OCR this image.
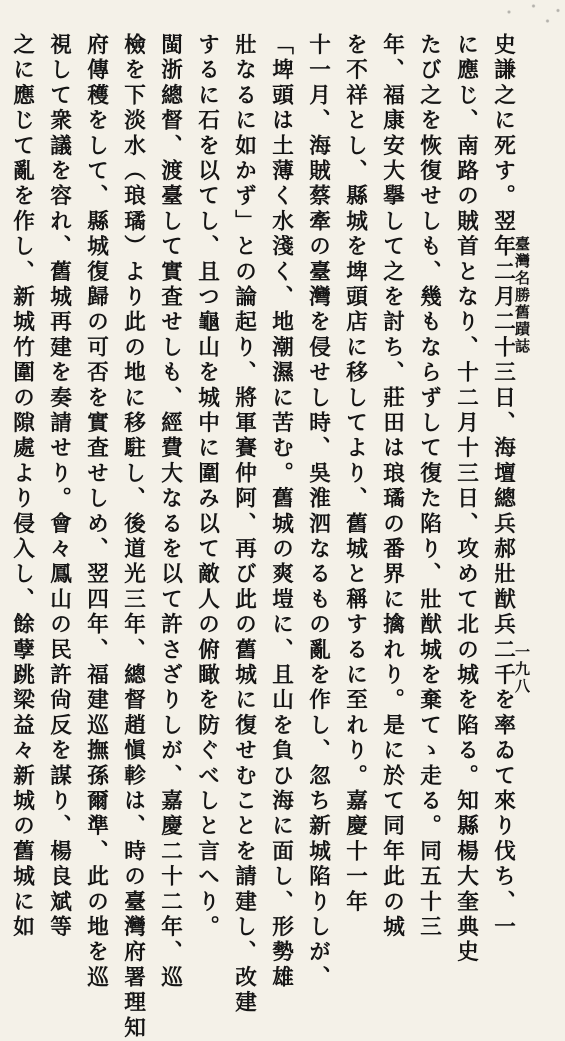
臺灣名勝舊蹟誌
一九八
史謙之に死す。翌年二月二十三日、海壇總兵郝壯猷兵二千を率ゐて來り伐ち、一
に應じ、南路の賊首となり、十二月十三日、攻めて北の城を陷る。知縣楊大奎典史
たび之を恢復せしも、幾もならずして復た陷り、壯猷城を棄てゝ走る。同五十三
年、福康安大擧して之を討ち、莊田は琅璚の番界に擒れり。是に於て同年此の城
を不祥とし、縣城を埤頭店に移してより、舊城と稱するに至れり。嘉慶十一年
十一月、海賊蔡牽の臺灣を侵せし時、吳淮泗なるもの亂を作し、忽ち新城陷りしが、
「埤頭は土薄く水淺く、地潮濕に苦む。舊城の爽塏に、且山を負ひ海に面し、形勢雄
壯なるに如かず」との論起り、將軍賽仲阿、再び此の舊城に復せむことを請建し、改建
するに石を以てし、且つ龜山を城中に圍み以て敵人の俯瞰を防ぐべしと言へり。
閩浙總督、渡臺して實査せしも、經費大なるを以て許さざりしが、嘉慶二十二年、巡
檢を下淡水（琅璚）より此の地に移駐し、後道光三年、總督趙愼軫は、時の臺灣府署理知
府傳穫をして、縣城復歸の可否を實査せしめ、翌四年、福建巡撫孫爾準、此の地を巡
視して衆議を容れ、舊城再建を奏請せり。會々鳳山の民許尙反を謀り、楊良斌等
之に應じて亂を作し、新城竹圍の隙處より侵入し、餘孽跳梁益々新城の舊城に如
